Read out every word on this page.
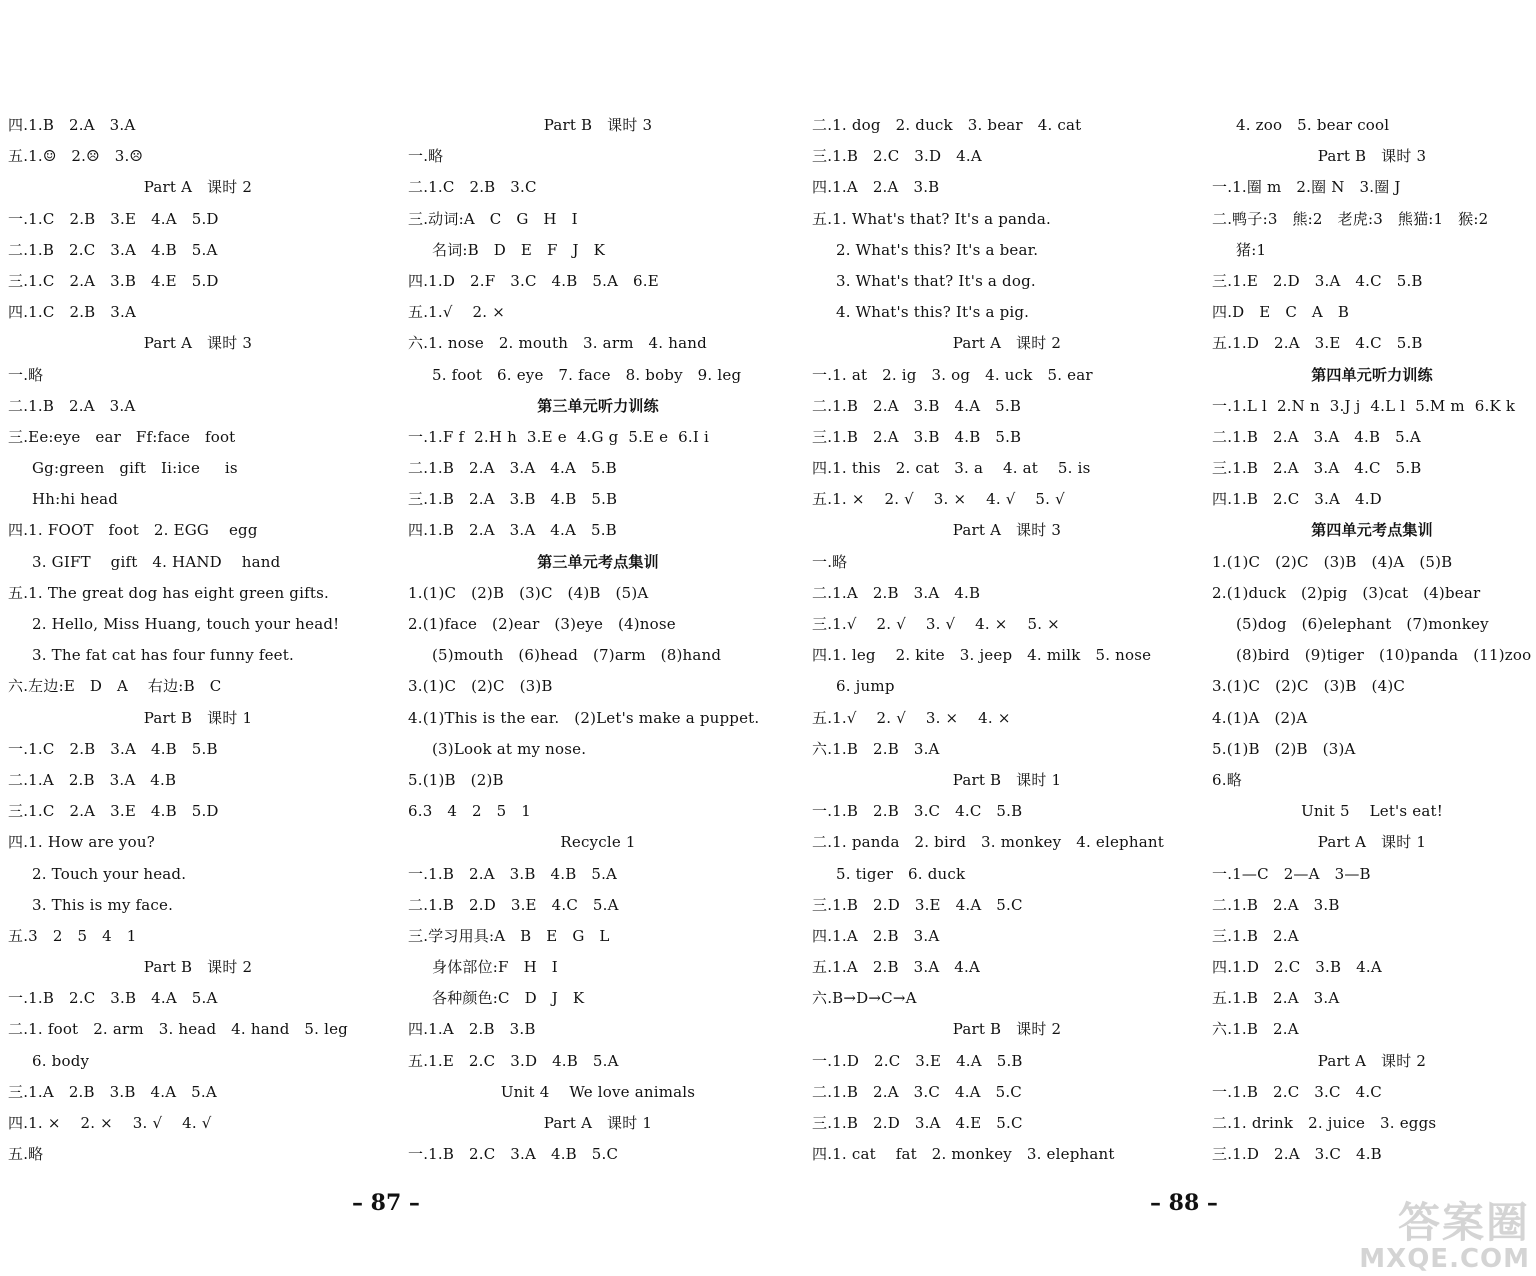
四.1.B   2.A   3.A
五.1.☺   2.☹   3.☹
Part A   课时 2
一.1.C   2.B   3.E   4.A   5.D
二.1.B   2.C   3.A   4.B   5.A
三.1.C   2.A   3.B   4.E   5.D
四.1.C   2.B   3.A
Part A   课时 3
一.略
二.1.B   2.A   3.A
三.Ee:eye   ear   Ff:face   foot
Gg:green   gift   Ii:ice     is
Hh:hi head
四.1. FOOT   foot   2. EGG    egg
3. GIFT    gift   4. HAND    hand
五.1. The great dog has eight green gifts.
2. Hello, Miss Huang, touch your head!
3. The fat cat has four funny feet.
六.左边:E   D   A    右边:B   C
Part B   课时 1
一.1.C   2.B   3.A   4.B   5.B
二.1.A   2.B   3.A   4.B
三.1.C   2.A   3.E   4.B   5.D
四.1. How are you?
2. Touch your head.
3. This is my face.
五.3   2   5   4   1
Part B   课时 2
一.1.B   2.C   3.B   4.A   5.A
二.1. foot   2. arm   3. head   4. hand   5. leg
6. body
三.1.A   2.B   3.B   4.A   5.A
四.1. ×    2. ×    3. √    4. √
五.略
Part B   课时 3
一.略
二.1.C   2.B   3.C
三.动词:A   C   G   H   I
名词:B   D   E   F   J   K
四.1.D   2.F   3.C   4.B   5.A   6.E
五.1.√    2. ×
六.1. nose   2. mouth   3. arm   4. hand
5. foot   6. eye   7. face   8. boby   9. leg
第三单元听力训练
一.1.F f  2.H h  3.E e  4.G g  5.E e  6.I i
二.1.B   2.A   3.A   4.A   5.B
三.1.B   2.A   3.B   4.B   5.B
四.1.B   2.A   3.A   4.A   5.B
第三单元考点集训
1.(1)C   (2)B   (3)C   (4)B   (5)A
2.(1)face   (2)ear   (3)eye   (4)nose
(5)mouth   (6)head   (7)arm   (8)hand
3.(1)C   (2)C   (3)B
4.(1)This is the ear.   (2)Let's make a puppet.
(3)Look at my nose.
5.(1)B   (2)B
6.3   4   2   5   1
Recycle 1
一.1.B   2.A   3.B   4.B   5.A
二.1.B   2.D   3.E   4.C   5.A
三.学习用具:A   B   E   G   L
身体部位:F   H   I
各种颜色:C   D   J   K
四.1.A   2.B   3.B
五.1.E   2.C   3.D   4.B   5.A
Unit 4    We love animals
Part A   课时 1
一.1.B   2.C   3.A   4.B   5.C
二.1. dog   2. duck   3. bear   4. cat
三.1.B   2.C   3.D   4.A
四.1.A   2.A   3.B
五.1. What's that? It's a panda.
2. What's this? It's a bear.
3. What's that? It's a dog.
4. What's this? It's a pig.
Part A   课时 2
一.1. at   2. ig   3. og   4. uck   5. ear
二.1.B   2.A   3.B   4.A   5.B
三.1.B   2.A   3.B   4.B   5.B
四.1. this   2. cat   3. a    4. at    5. is
五.1. ×    2. √    3. ×    4. √    5. √
Part A   课时 3
一.略
二.1.A   2.B   3.A   4.B
三.1.√    2. √    3. √    4. ×    5. ×
四.1. leg    2. kite   3. jeep   4. milk   5. nose
6. jump
五.1.√    2. √    3. ×    4. ×
六.1.B   2.B   3.A
Part B   课时 1
一.1.B   2.B   3.C   4.C   5.B
二.1. panda   2. bird   3. monkey   4. elephant
5. tiger   6. duck
三.1.B   2.D   3.E   4.A   5.C
四.1.A   2.B   3.A
五.1.A   2.B   3.A   4.A
六.B→D→C→A
Part B   课时 2
一.1.D   2.C   3.E   4.A   5.B
二.1.B   2.A   3.C   4.A   5.C
三.1.B   2.D   3.A   4.E   5.C
四.1. cat    fat   2. monkey   3. elephant
4. zoo   5. bear cool
Part B   课时 3
一.1.圈 m   2.圈 N   3.圈 J
二.鸭子:3   熊:2   老虎:3   熊猫:1   猴:2
猪:1
三.1.E   2.D   3.A   4.C   5.B
四.D   E   C   A   B
五.1.D   2.A   3.E   4.C   5.B
第四单元听力训练
一.1.L l  2.N n  3.J j  4.L l  5.M m  6.K k
二.1.B   2.A   3.A   4.B   5.A
三.1.B   2.A   3.A   4.C   5.B
四.1.B   2.C   3.A   4.D
第四单元考点集训
1.(1)C   (2)C   (3)B   (4)A   (5)B
2.(1)duck   (2)pig   (3)cat   (4)bear
(5)dog   (6)elephant   (7)monkey
(8)bird   (9)tiger   (10)panda   (11)zoo
3.(1)C   (2)C   (3)B   (4)C
4.(1)A   (2)A
5.(1)B   (2)B   (3)A
6.略
Unit 5    Let's eat!
Part A   课时 1
一.1—C   2—A   3—B
二.1.B   2.A   3.B
三.1.B   2.A
四.1.D   2.C   3.B   4.A
五.1.B   2.A   3.A
六.1.B   2.A
Part A   课时 2
一.1.B   2.C   3.C   4.C
二.1. drink   2. juice   3. eggs
三.1.D   2.A   3.C   4.B
– 87 –	– 88 –	答案圈
MXQE.COM
